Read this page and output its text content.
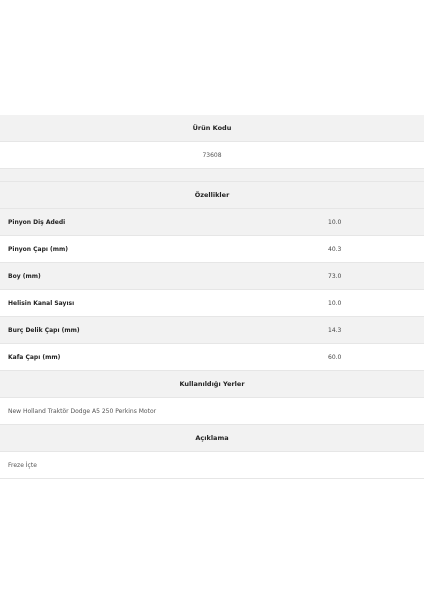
Ürün Kodu
73608
Özellikler
Pinyon Diş Adedi	10.0
Pinyon Çapı (mm)	40.3
Boy (mm)	73.0
Helisin Kanal Sayısı	10.0
Burç Delik Çapı (mm)	14.3
Kafa Çapı (mm)	60.0
Kullanıldığı Yerler
New Holland Traktör Dodge A5 250 Perkins Motor
Açıklama
Freze İçte
